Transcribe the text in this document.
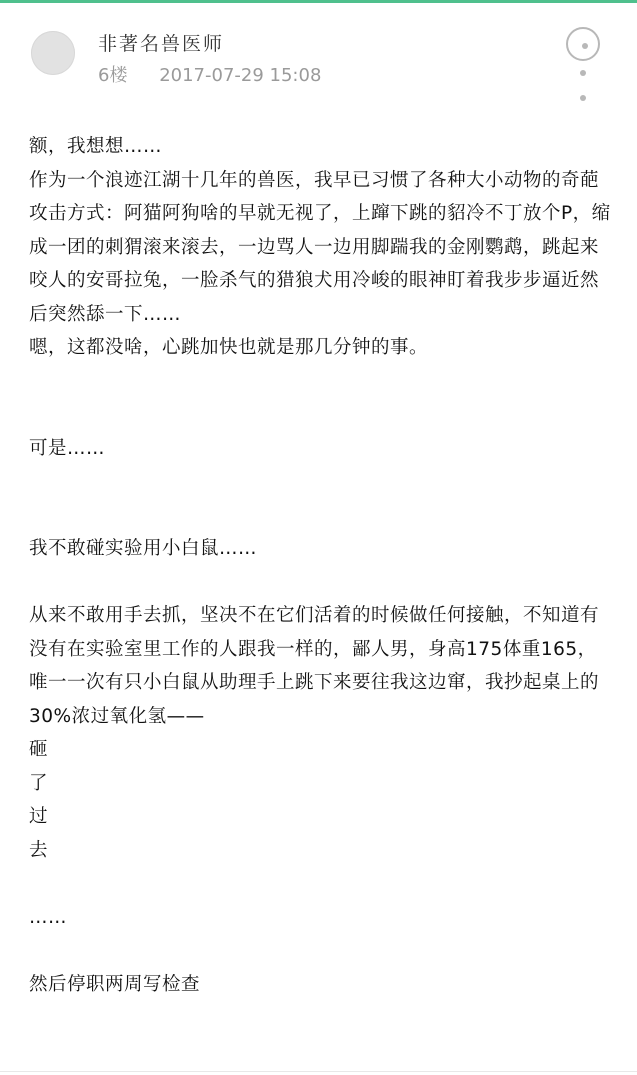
非著名兽医师
6楼 2017-07-29 15:08

额，我想想……

作为一个浪迹江湖十几年的兽医，我早已习惯了各种大小动物的奇葩攻击方式：阿猫阿狗啥的早就无视了，上蹿下跳的貂冷不丁放个P，缩成一团的刺猬滚来滚去，一边骂人一边用脚踹我的金刚鹦鹉，跳起来咬人的安哥拉兔，一脸杀气的猎狼犬用冷峻的眼神盯着我步步逼近然后突然舔一下……

嗯，这都没啥，心跳加快也就是那几分钟的事。

可是……

我不敢碰实验用小白鼠……

从来不敢用手去抓，坚决不在它们活着的时候做任何接触，不知道有没有在实验室里工作的人跟我一样的，鄙人男，身高175体重165，唯一一次有只小白鼠从助理手上跳下来要往我这边窜，我抄起桌上的30%浓过氧化氢——

砸

了

过

去

……

然后停职两周写检查
